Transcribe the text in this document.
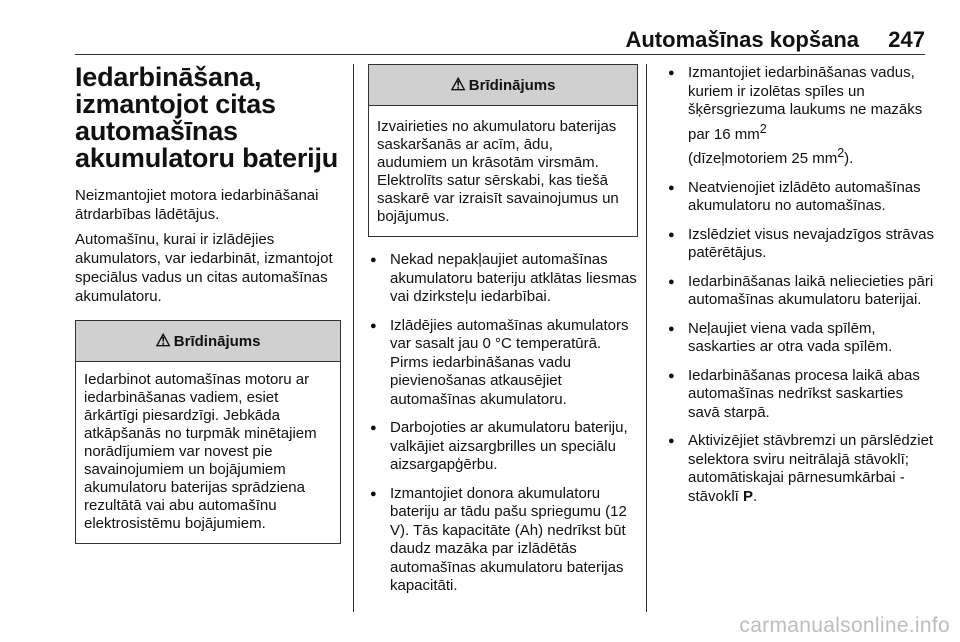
Automašīnas kopšana 247
Iedarbināšana,
izmantojot citas
automašīnas
akumulatoru bateriju

Neizmantojiet motora iedarbināšanai ātrdarbības lādētājus.

Automašīnu, kurai ir izlādējies akumulators, var iedarbināt, izmantojot speciālus vadus un citas automašīnas akumulatoru.

⚠ Brīdinājums
Iedarbinot automašīnas motoru ar iedarbināšanas vadiem, esiet ārkārtīgi piesardzīgi. Jebkāda atkāpšanās no turpmāk minētajiem norādījumiem var novest pie savainojumiem un bojājumiem akumulatoru baterijas sprādziena rezultātā vai abu automašīnu elektrosistēmu bojājumiem.
⚠ Brīdinājums
Izvairieties no akumulatoru baterijas saskaršanās ar acīm, ādu, audumiem un krāsotām virsmām. Elektrolīts satur sērskabi, kas tiešā saskarē var izraisīt savainojumus un bojājumus.
● Nekad nepakļaujiet automašīnas akumulatoru bateriju atklātas liesmas vai dzirksteļu iedarbībai.
● Izlādējies automašīnas akumulators var sasalt jau 0 °C temperatūrā. Pirms iedarbināšanas vadu pievienošanas atkausējiet automašīnas akumulatoru.
● Darbojoties ar akumulatoru bateriju, valkājiet aizsargbrilles un speciālu aizsargapģērbu.
● Izmantojiet donora akumulatoru bateriju ar tādu pašu spriegumu (12 V). Tās kapacitāte (Ah) nedrīkst būt daudz mazāka par izlādētās automašīnas akumulatoru baterijas kapacitāti.
● Izmantojiet iedarbināšanas vadus, kuriem ir izolētas spīles un šķērsgriezuma laukums ne mazāks par 16 $mm^2$
(dīzeļmotoriem 25 $mm^2$).
● Neatvienojiet izlādēto automašīnas akumulatoru no automašīnas.
● Izslēdziet visus nevajadzīgos strāvas patērētājus.
● Iedarbināšanas laikā neliecieties pāri automašīnas akumulatoru baterijai.
● Neļaujiet viena vada spīlēm, saskarties ar otra vada spīlēm.
● Iedarbināšanas procesa laikā abas automašīnas nedrīkst saskarties savā starpā.
● Aktivizējiet stāvbremzi un pārslēdziet selektora sviru neitrālajā stāvoklī; automātiskajai pārnesumkārbai - stāvoklī P.
carmanualsonline.info
